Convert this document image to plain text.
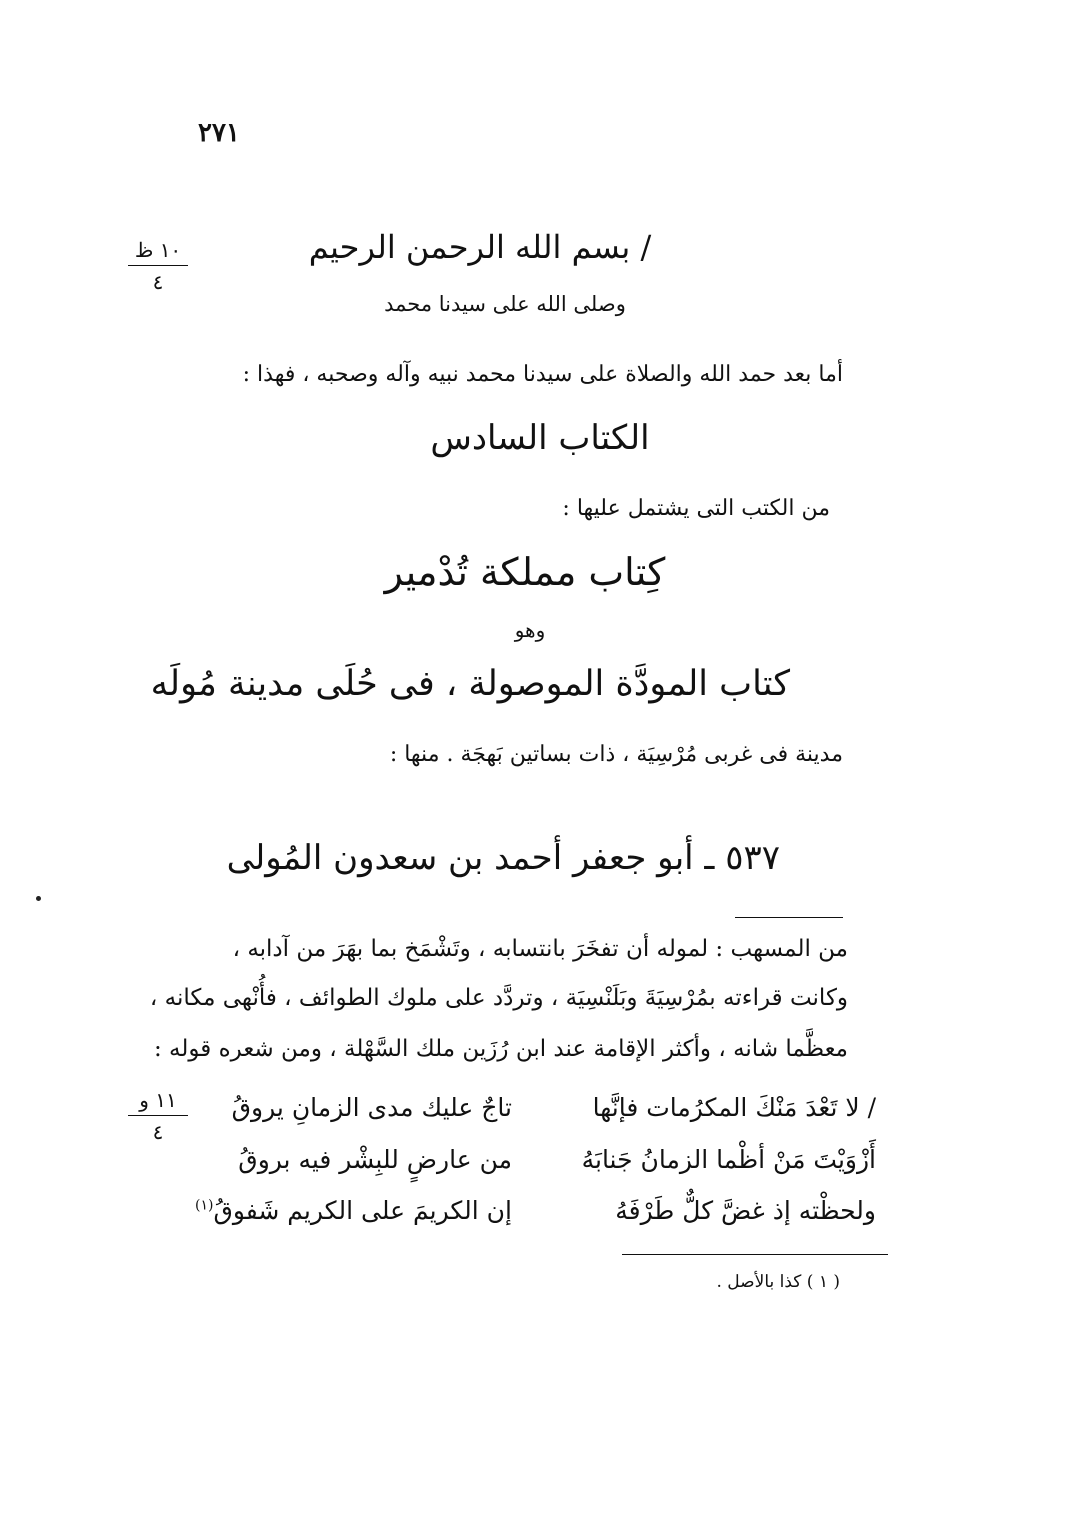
٢٧١
١٠ ظ
٤
١١ و
٤
/ بسم الله الرحمن الرحيم
وصلى الله على سيدنا محمد
أما بعد حمد الله والصلاة على سيدنا محمد نبيه وآله وصحبه ، فهذا :
الكتاب السادس
من الكتب التى يشتمل عليها :
كِتاب مملكة تُدْمير
وهو
كتاب المودَّة الموصولة ، فى حُلَى مدينة مُولَه
مدينة فى غربى مُرْسِيَة ، ذات بساتين بَهجَة . منها :
٥٣٧ ـ أبو جعفر أحمد بن سعدون المُولى
من المسهب : لموله أن تفخَرَ بانتسابه ، وتَشْمَخ بما بهَرَ من آدابه ،
وكانت قراءته بمُرْسِيَةَ وبَلَنْسِيَة ، وتردَّد على ملوك الطوائف ، فأُنْهى مكانه ،
معظَّما شانه ، وأكثر الإقامة عند ابن رُزَين ملك السَّهْلة ، ومن شعره قوله :
/ لا تَعْدَ مَنْكَ المكرُمات فإنَّها
تاجٌ عليك مدى الزمانِ يروقُ
أَزْوَيْتَ مَنْ أظْما الزمانُ جَنابَهُ
من عارضٍ للبِشْر فيه بروقُ
ولحظْته إذ غضَّ كلٌّ طَرْفَهُ
إن الكريمَ على الكريم شَفوقُ$^{(١)}$
( ١ ) كذا بالأصل .
